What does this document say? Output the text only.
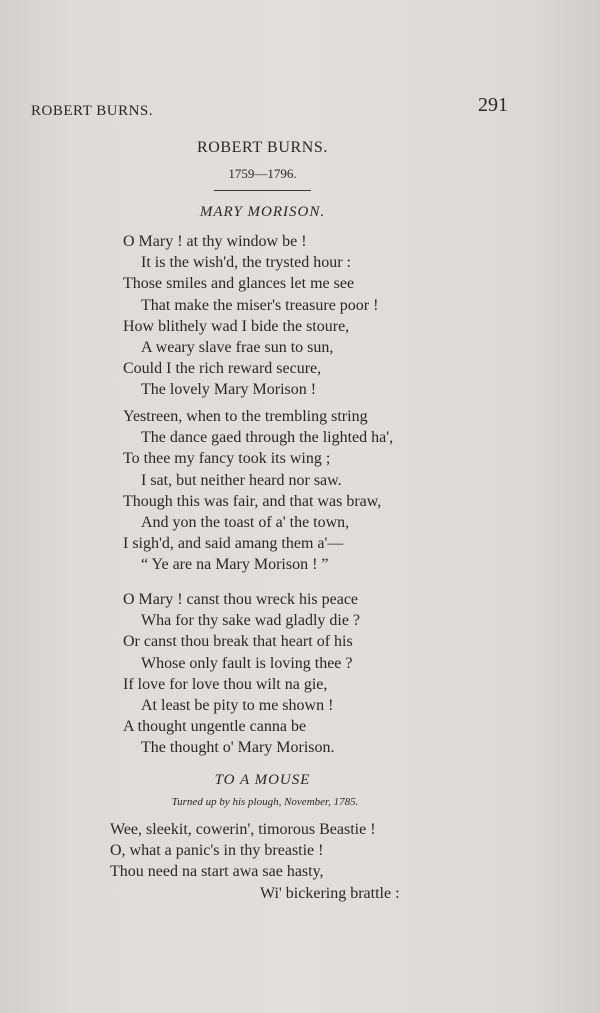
ROBERT BURNS.	291
ROBERT BURNS.
1759—1796.
MARY MORISON.
O Mary ! at thy window be !
It is the wish'd, the trysted hour :
Those smiles and glances let me see
That make the miser's treasure poor !
How blithely wad I bide the stoure,
A weary slave frae sun to sun,
Could I the rich reward secure,
The lovely Mary Morison !
Yestreen, when to the trembling string
The dance gaed through the lighted ha',
To thee my fancy took its wing ;
I sat, but neither heard nor saw.
Though this was fair, and that was braw,
And yon the toast of a' the town,
I sigh'd, and said amang them a'—
“ Ye are na Mary Morison ! ”
O Mary ! canst thou wreck his peace
Wha for thy sake wad gladly die ?
Or canst thou break that heart of his
Whose only fault is loving thee ?
If love for love thou wilt na gie,
At least be pity to me shown !
A thought ungentle canna be
The thought o' Mary Morison.
TO A MOUSE
Turned up by his plough, November, 1785.
Wee, sleekit, cowerin', timorous Beastie !
O, what a panic's in thy breastie !
Thou need na start awa sae hasty,
Wi' bickering brattle :
